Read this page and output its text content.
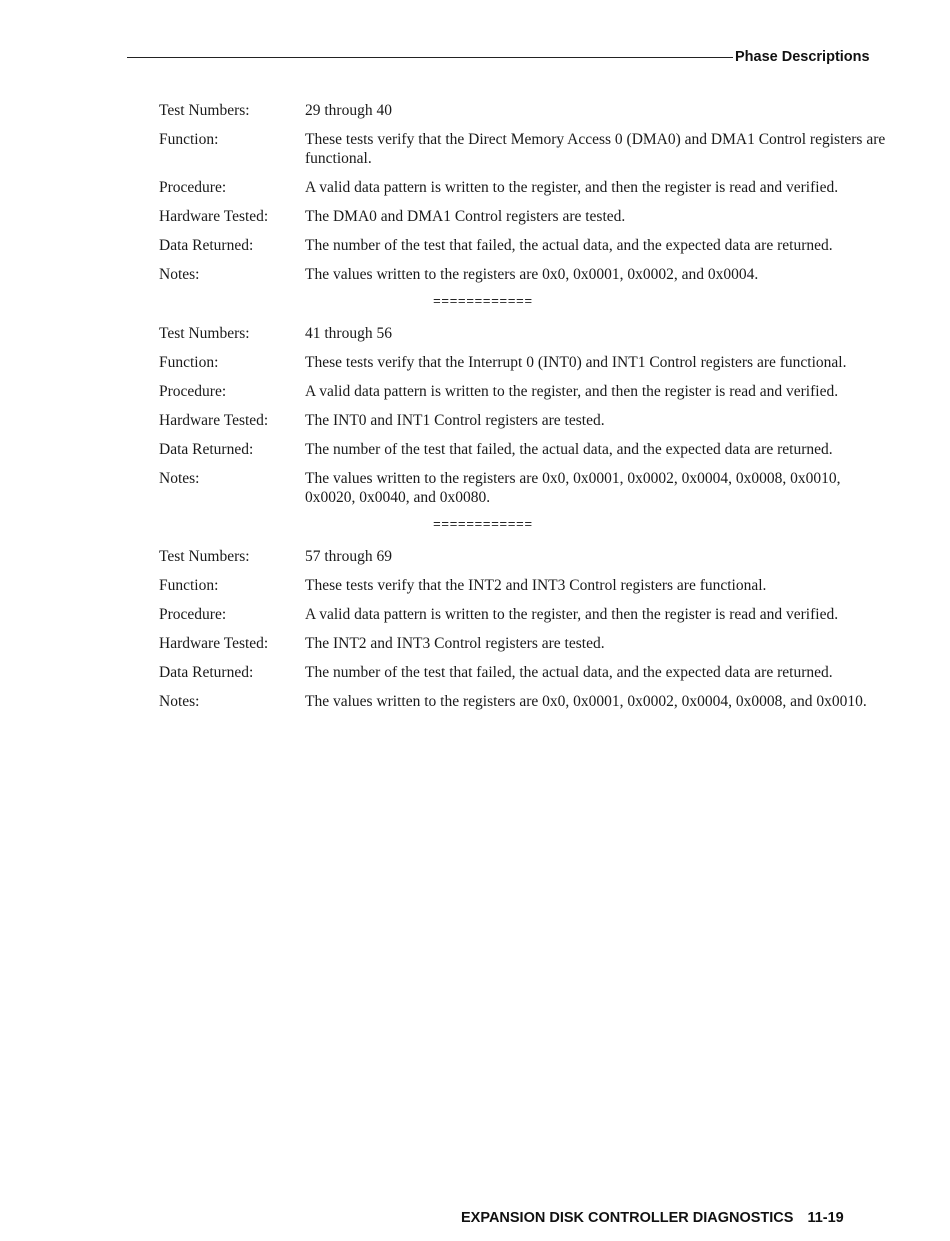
Phase Descriptions
Test Numbers:	29 through 40
Function:	These tests verify that the Direct Memory Access 0 (DMA0) and DMA1 Control registers are functional.
Procedure:	A valid data pattern is written to the register, and then the register is read and verified.
Hardware Tested:	The DMA0 and DMA1 Control registers are tested.
Data Returned:	The number of the test that failed, the actual data, and the expected data are returned.
Notes:	The values written to the registers are 0x0, 0x0001, 0x0002, and 0x0004.
============
Test Numbers:	41 through 56
Function:	These tests verify that the Interrupt 0 (INT0) and INT1 Control registers are functional.
Procedure:	A valid data pattern is written to the register, and then the register is read and verified.
Hardware Tested:	The INT0 and INT1 Control registers are tested.
Data Returned:	The number of the test that failed, the actual data, and the expected data are returned.
Notes:	The values written to the registers are 0x0, 0x0001, 0x0002, 0x0004, 0x0008, 0x0010, 0x0020, 0x0040, and 0x0080.
============
Test Numbers:	57 through 69
Function:	These tests verify that the INT2 and INT3 Control registers are functional.
Procedure:	A valid data pattern is written to the register, and then the register is read and verified.
Hardware Tested:	The INT2 and INT3 Control registers are tested.
Data Returned:	The number of the test that failed, the actual data, and the expected data are returned.
Notes:	The values written to the registers are 0x0, 0x0001, 0x0002, 0x0004, 0x0008, and 0x0010.
EXPANSION DISK CONTROLLER DIAGNOSTICS 11-19
